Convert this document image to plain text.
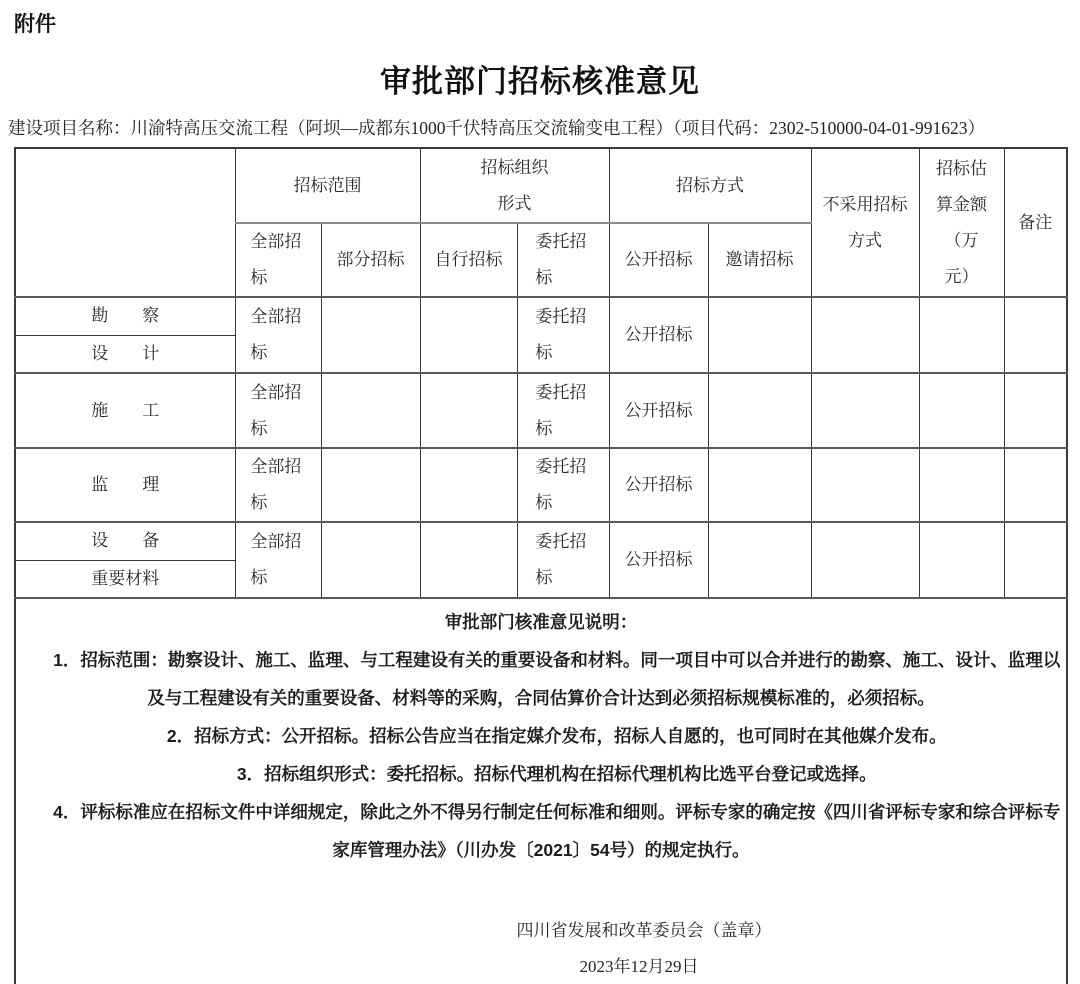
附件
审批部门招标核准意见
建设项目名称：川渝特高压交流工程（阿坝—成都东1000千伏特高压交流输变电工程）（项目代码：2302-510000-04-01-991623）
	招标范围		招标组织形式		招标方式		不采用招标方式	招标估算金额（万元）	备注
	全部招标	部分招标	自行招标	委托招标	公开招标	邀请招标			
勘　　察	全部招标			委托招标	公开招标				
设　　计									
施　　工	全部招标			委托招标	公开招标				
监　　理	全部招标			委托招标	公开招标				
设　　备	全部招标			委托招标	公开招标				
重要材料									

审批部门核准意见说明：

1．招标范围：勘察设计、施工、监理、与工程建设有关的重要设备和材料。同一项目中可以合并进行的勘察、施工、设计、监理以及与工程建设有关的重要设备、材料等的采购，合同估算价合计达到必须招标规模标准的，必须招标。

2．招标方式：公开招标。招标公告应当在指定媒介发布，招标人自愿的，也可同时在其他媒介发布。

3．招标组织形式：委托招标。招标代理机构在招标代理机构比选平台登记或选择。

4．评标标准应在招标文件中详细规定，除此之外不得另行制定任何标准和细则。评标专家的确定按《四川省评标专家和综合评标专家库管理办法》（川办发〔2021〕54号）的规定执行。

四川省发展和改革委员会（盖章）
2023年12月29日
